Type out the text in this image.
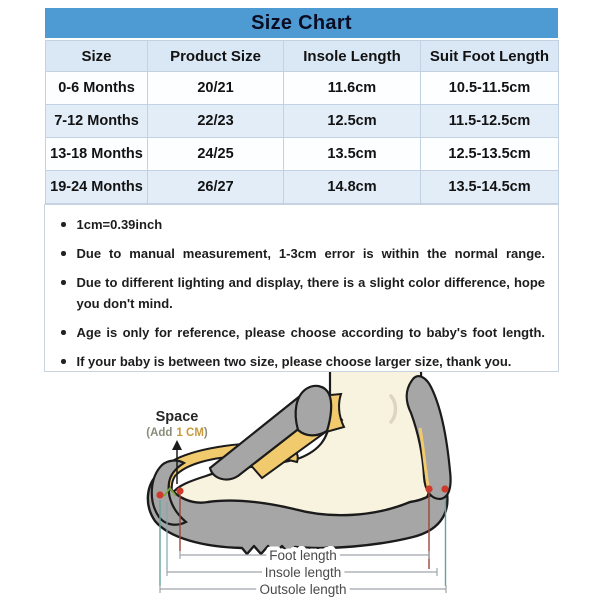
Size Chart
Size	Product Size	Insole Length	Suit Foot Length
0-6 Months	20/21	11.6cm	10.5-11.5cm
7-12 Months	22/23	12.5cm	11.5-12.5cm
13-18 Months	24/25	13.5cm	12.5-13.5cm
19-24 Months	26/27	14.8cm	13.5-14.5cm
1cm=0.39inch
Due to manual measurement, 1-3cm error is within the normal range.
Due to different lighting and display, there is a slight color difference, hope you don't mind.
Age is only for reference, please choose according to baby's foot length.
If your baby is between two size, please choose larger size, thank you.
Foot length
Insole length
Outsole length
Space
(Add 1 CM)
